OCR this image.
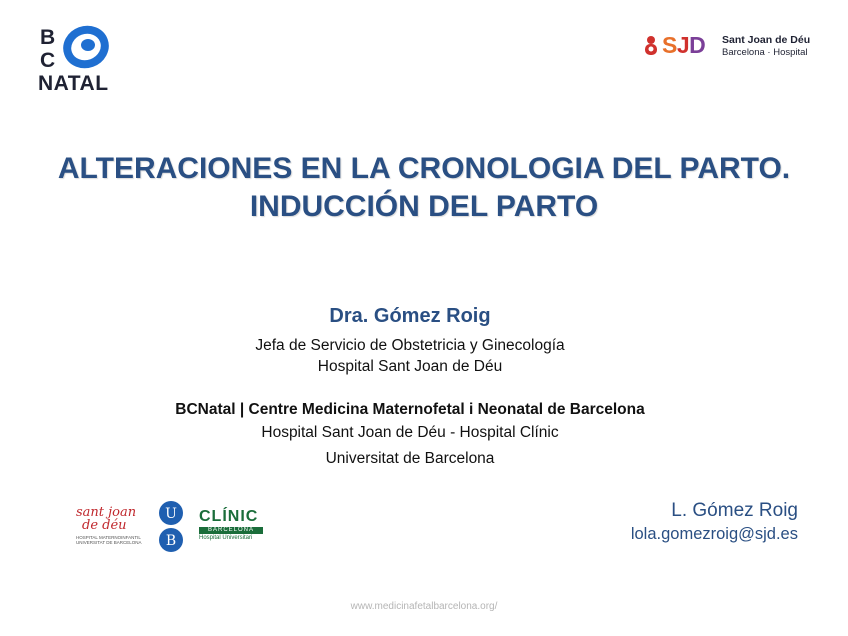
B
C
NATAL
SJD Sant Joan de Déu
Barcelona · Hospital
ALTERACIONES EN LA CRONOLOGIA DEL PARTO. INDUCCIÓN DEL PARTO
Dra. Gómez Roig
Jefa de Servicio de Obstetricia y Ginecología
Hospital Sant Joan de Déu
BCNatal | Centre Medicina Maternofetal i Neonatal de Barcelona
Hospital Sant Joan de Déu - Hospital Clínic
Universitat de Barcelona
sant joan
de déu
HOSPITAL MATERNOINFANTIL
UNIVERSITAT DE BARCELONA
U
B
CLÍNIC
BARCELONA
Hospital Universitari
L. Gómez Roig
lola.gomezroig@sjd.es
www.medicinafetalbarcelona.org/
